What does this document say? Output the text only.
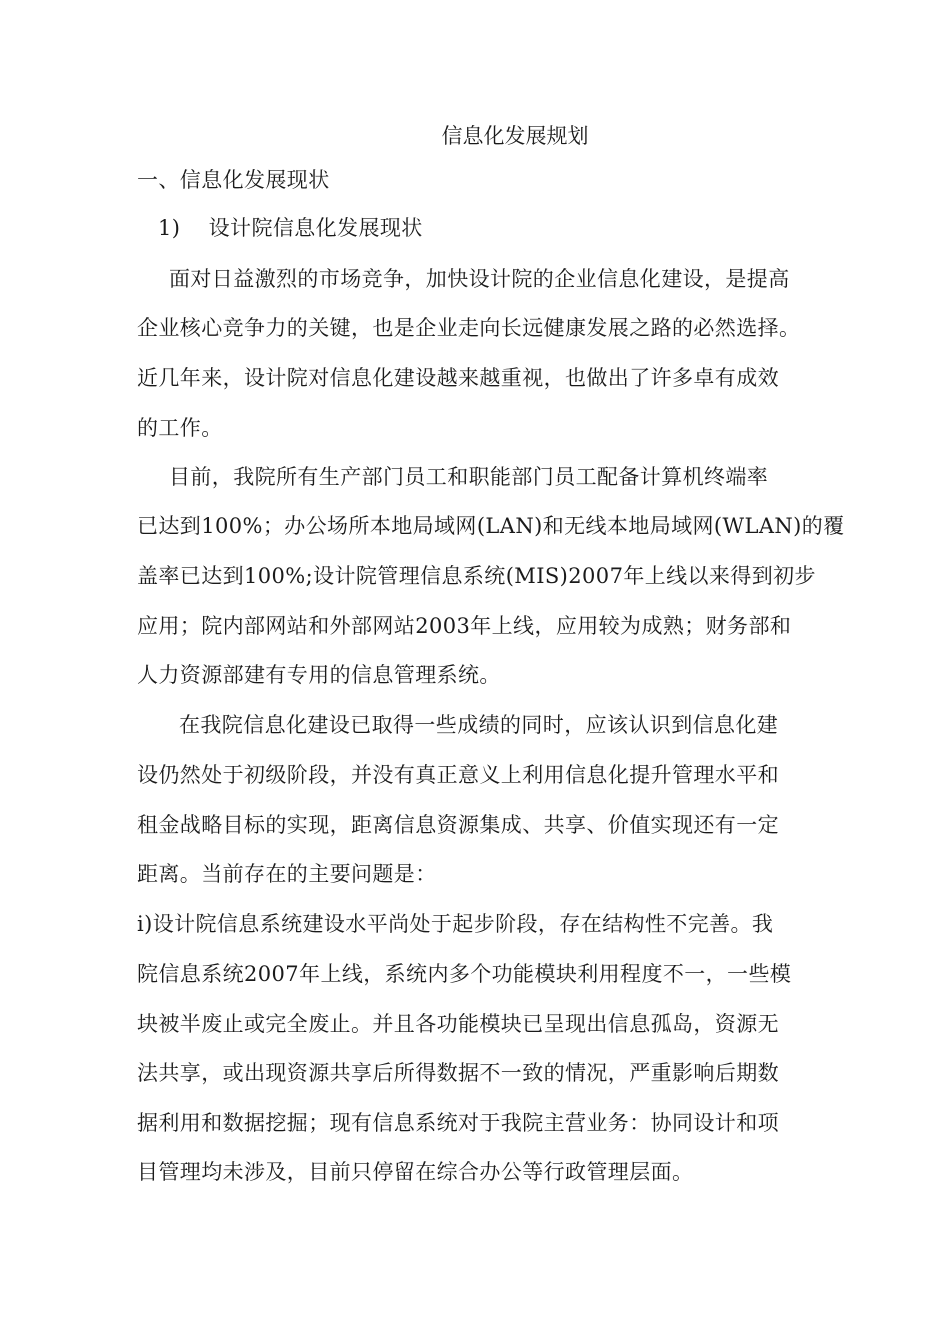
信息化发展规划
一、信息化发展现状
1)    设计院信息化发展现状
面对日益激烈的市场竞争，加快设计院的企业信息化建设，是提高
企业核心竞争力的关键，也是企业走向长远健康发展之路的必然选择。
近几年来，设计院对信息化建设越来越重视，也做出了许多卓有成效
的工作。
目前，我院所有生产部门员工和职能部门员工配备计算机终端率
已达到100%；办公场所本地局域网(LAN)和无线本地局域网(WLAN)的覆
盖率已达到100%;设计院管理信息系统(MIS)2007年上线以来得到初步
应用；院内部网站和外部网站2003年上线，应用较为成熟；财务部和
人力资源部建有专用的信息管理系统。
在我院信息化建设已取得一些成绩的同时，应该认识到信息化建
设仍然处于初级阶段，并没有真正意义上利用信息化提升管理水平和
租金战略目标的实现，距离信息资源集成、共享、价值实现还有一定
距离。当前存在的主要问题是：
i)设计院信息系统建设水平尚处于起步阶段，存在结构性不完善。我
院信息系统2007年上线，系统内多个功能模块利用程度不一，一些模
块被半废止或完全废止。并且各功能模块已呈现出信息孤岛，资源无
法共享，或出现资源共享后所得数据不一致的情况，严重影响后期数
据利用和数据挖掘；现有信息系统对于我院主营业务：协同设计和项
目管理均未涉及，目前只停留在综合办公等行政管理层面。
